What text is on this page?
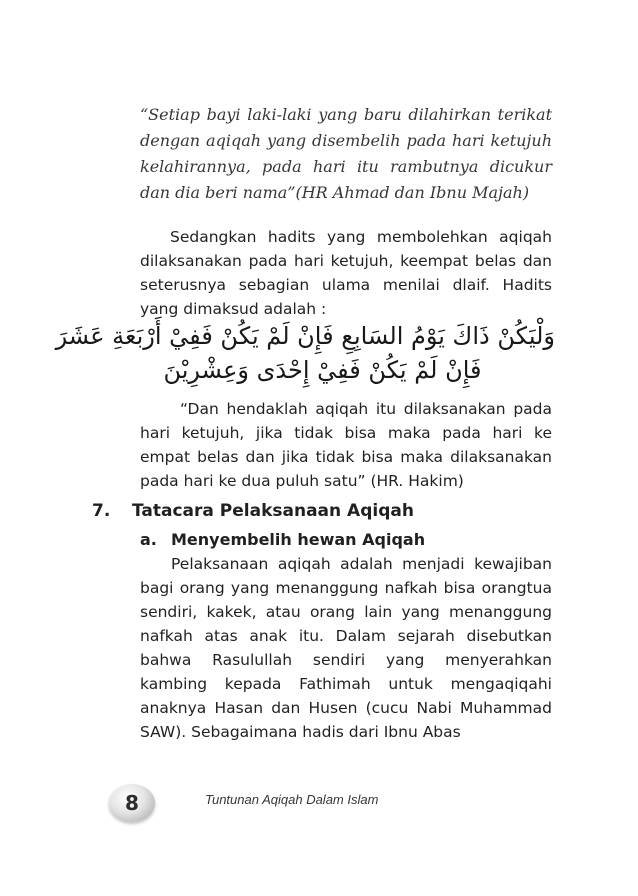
“Setiap bayi laki-laki yang baru dilahirkan terikat dengan aqiqah yang disembelih pada hari ketujuh kelahirannya, pada hari itu rambutnya dicukur dan dia beri nama”(HR Ahmad dan Ibnu Majah)

Sedangkan hadits yang membolehkan aqiqah dilaksanakan pada hari ketujuh, keempat belas dan seterusnya sebagian ulama menilai dlaif. Hadits yang dimaksud adalah :

وَلْيَكُنْ ذَاكَ يَوْمُ السَابِعِ فَإِنْ لَمْ يَكُنْ فَفِيْ أَرْبَعَةِ عَشَرَ
فَإِنْ لَمْ يَكُنْ فَفِيْ إِحْدَى وَعِشْرِيْنَ

“Dan hendaklah aqiqah itu dilaksanakan pada hari ketujuh, jika tidak bisa maka pada hari ke empat belas dan jika tidak bisa maka dilaksanakan pada hari ke dua puluh satu” (HR. Hakim)

7. Tatacara Pelaksanaan Aqiqah
a. Menyembelih hewan Aqiqah

Pelaksanaan aqiqah adalah menjadi kewajiban bagi orang yang menanggung nafkah bisa orangtua sendiri, kakek, atau orang lain yang menanggung nafkah atas anak itu. Dalam sejarah disebutkan bahwa Rasulullah sendiri yang menyerahkan kambing kepada Fathimah untuk mengaqiqahi anaknya Hasan dan Husen (cucu Nabi Muhammad SAW). Sebagaimana hadis dari Ibnu Abas

8	Tuntunan Aqiqah Dalam Islam
